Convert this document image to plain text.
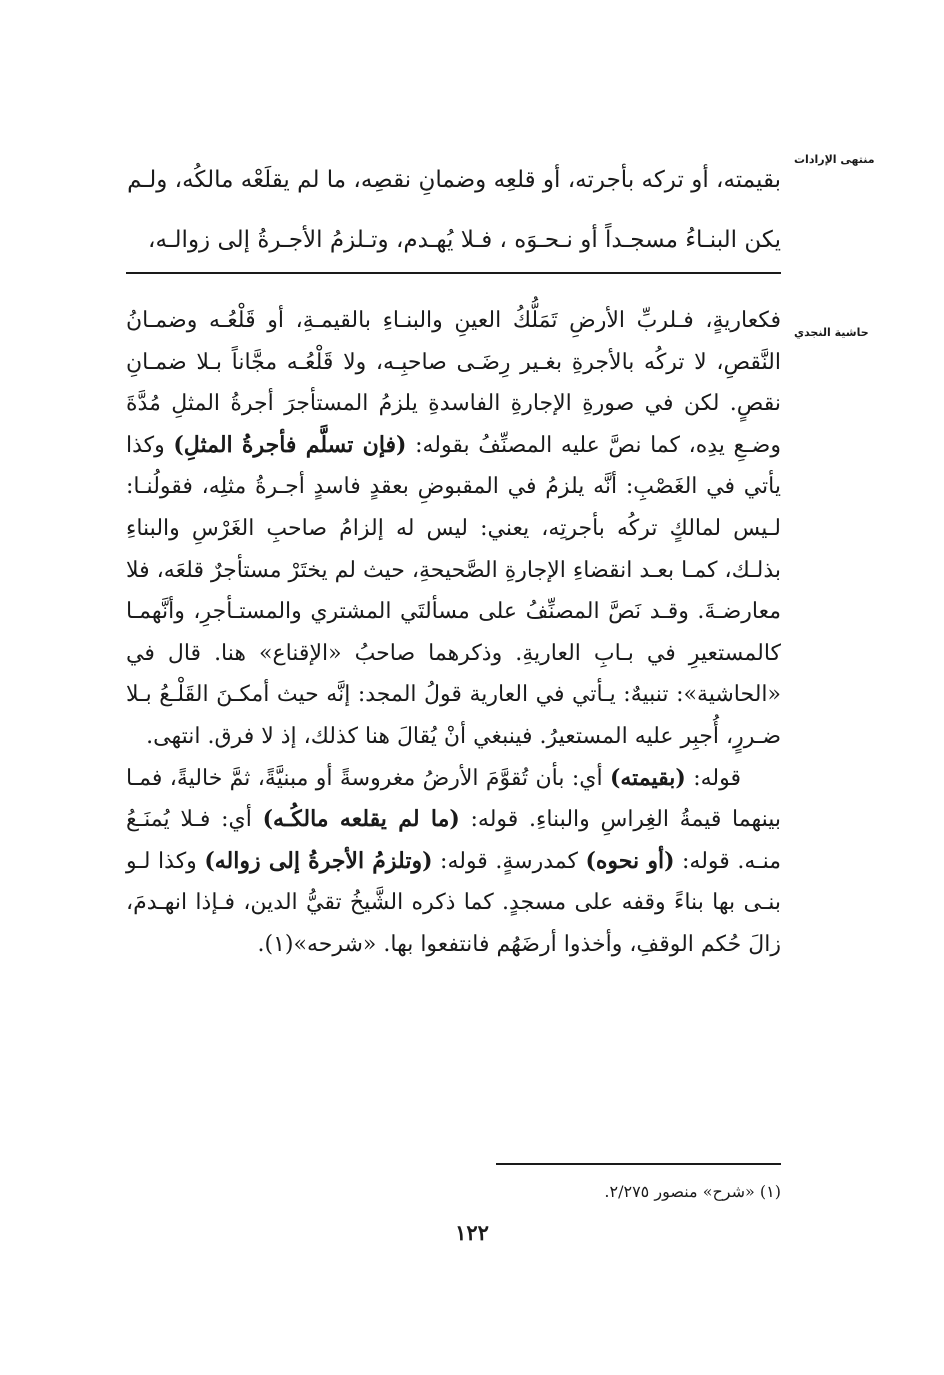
منتهى الإرادات
حاشية النجدي
بقيمته، أو تركه بأجرته، أو قلعِه وضمانِ نقصِه، ما لم يقلَعْه مالكُه، ولـم
يكن البنـاءُ مسجـداً أو نـحـوَه ، فـلا يُهـدم، وتـلزمُ الأجـرةُ إلى زوالـه،

فكعاريةٍ، فـلربِّ الأرضِ تَمَلُّكُ العينِ والبنـاءِ بالقيمـةِ، أو قَلْعُـه وضمـانُ النَّقصِ، لا تركُه بالأجرةِ بغـير رِضَـى صاحبِـه، ولا قَلْعُـه مجَّاناً بـلا ضمـانِ نقصٍ. لكن في صورةِ الإجارةِ الفاسدةِ يلزمُ المستأجرَ أجرةُ المثلِ مُدَّةَ وضـعِ يدِه، كما نصَّ عليه المصنِّفُ بقوله: (فإن تسلَّم فأجرةُ المثلِ) وكذا يأتي في الغَصْبِ: أنَّه يلزمُ في المقبوضِ بعقدٍ فاسدٍ أجـرةُ مثلِه، فقولُنـا: لـيس لمالكٍ تركُه بأجرتِه، يعني: ليس له إلزامُ صاحبِ الغَرْسِ والبناءِ بذلـك، كمـا بعـد انقضاءِ الإجارةِ الصَّحيحةِ، حيث لم يختَرْ مستأجرٌ قلعَه، فلا معارضـةَ. وقـد نَصَّ المصنِّفُ على مسألتَي المشتري والمستـأجرِ، وأنَّهمـا كالمستعيرِ في بـابِ العاريةِ. وذكرهما صاحبُ «الإقناع» هنا. قال في «الحاشية»: تنبيهٌ: يـأتي في العارية قولُ المجد: إنَّه حيث أمكـنَ القَلْـعُ بـلا ضـررٍ، أُجبِر عليه المستعيرُ. فينبغي أنْ يُقالَ هنا كذلك، إذ لا فرق. انتهى.

قوله: (بقيمته) أي: بأن تُقوَّمَ الأرضُ مغروسةً أو مبنيَّةً، ثمَّ خاليةً، فمـا بينهما قيمةُ الغِراسِ والبناءِ. قوله: (ما لم يقلعه مالكُـه) أي: فـلا يُمنَـعُ منـه. قوله: (أو نحوه) كمدرسةٍ. قوله: (وتلزمُ الأجرةُ إلى زواله) وكذا لـو بنـى بها بناءً وقفه على مسجدٍ. كما ذكره الشَّيخُ تقيُّ الدين، فـإذا انهـدمَ، زالَ حُكم الوقفِ، وأخذوا أرضَهُم فانتفعوا بها. «شرحه»(١).

(١) «شرح» منصور ٢/٢٧٥.
١٢٢
